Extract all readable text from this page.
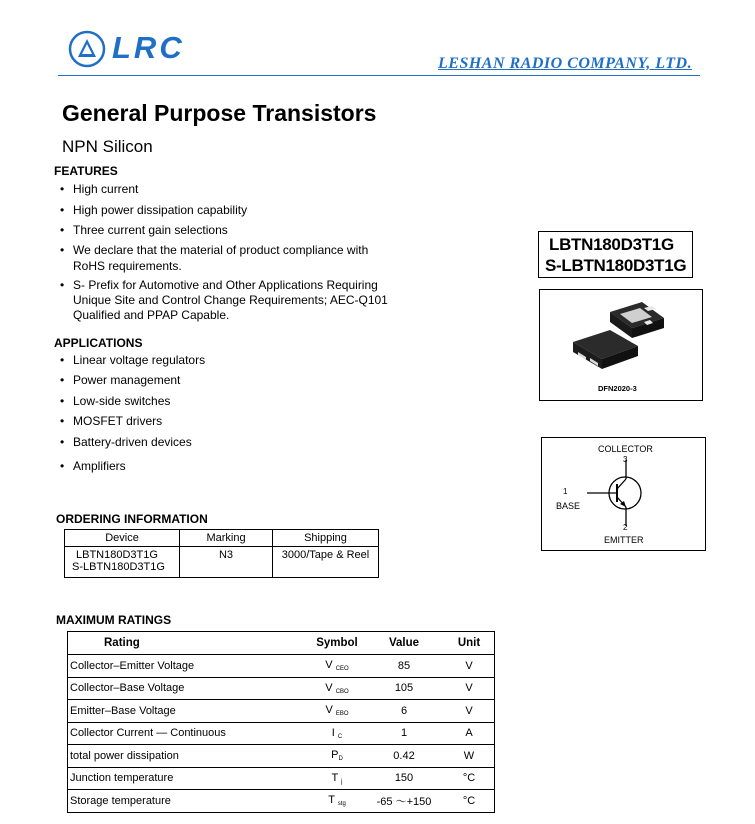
LRC	LESHAN RADIO COMPANY, LTD.
General Purpose Transistors
NPN Silicon
FEATURES
• High current
• High power dissipation capability
• Three current gain selections
• We declare that the material of product compliance with
RoHS requirements.
• S- Prefix for Automotive and Other Applications Requiring
Unique Site and Control Change Requirements; AEC-Q101
Qualified and PPAP Capable.
APPLICATIONS
• Linear voltage regulators
• Power management
• Low-side switches
• MOSFET drivers
• Battery-driven devices
• Amplifiers
LBTN180D3T1G
S-LBTN180D3T1G
DFN2020-3
COLLECTOR
3
1
BASE
2
EMITTER
ORDERING INFORMATION
Device	Marking	Shipping

LBTN180D3T1G
S-LBTN180D3T1G	N3	3000/Tape & Reel
MAXIMUM RATINGS
Rating	Symbol	Value	Unit
Collector–Emitter Voltage	V CEO	85	V
Collector–Base Voltage	V CBO	105	V
Emitter–Base Voltage	V EBO	6	V
Collector Current — Continuous	I C	1	A
total power dissipation	PD	0.42	W
Junction temperature	T j	150	°C
Storage temperature	T stg	-65 ～+150	°C
